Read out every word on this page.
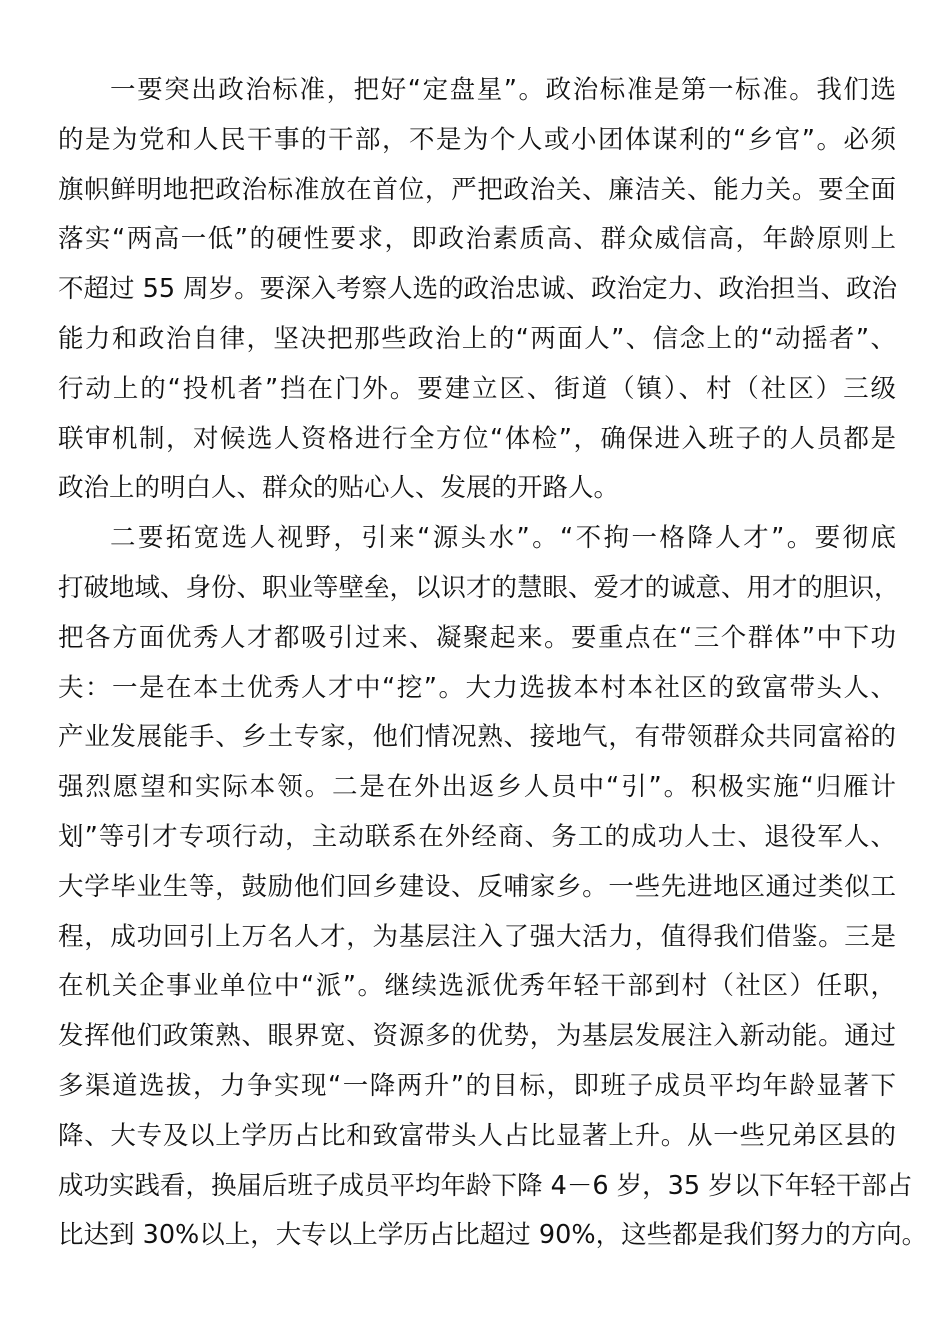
一要突出政治标准，把好“定盘星”。政治标准是第一标准。我们选
的是为党和人民干事的干部，不是为个人或小团体谋利的“乡官”。必须
旗帜鲜明地把政治标准放在首位，严把政治关、廉洁关、能力关。要全面
落实“两高一低”的硬性要求，即政治素质高、群众威信高，年龄原则上
不超过 55 周岁。要深入考察人选的政治忠诚、政治定力、政治担当、政治
能力和政治自律，坚决把那些政治上的“两面人”、信念上的“动摇者”、
行动上的“投机者”挡在门外。要建立区、街道（镇）、村（社区）三级
联审机制，对候选人资格进行全方位“体检”，确保进入班子的人员都是
政治上的明白人、群众的贴心人、发展的开路人。
二要拓宽选人视野，引来“源头水”。“不拘一格降人才”。要彻底
打破地域、身份、职业等壁垒，以识才的慧眼、爱才的诚意、用才的胆识，
把各方面优秀人才都吸引过来、凝聚起来。要重点在“三个群体”中下功
夫：一是在本土优秀人才中“挖”。大力选拔本村本社区的致富带头人、
产业发展能手、乡土专家，他们情况熟、接地气，有带领群众共同富裕的
强烈愿望和实际本领。二是在外出返乡人员中“引”。积极实施“归雁计
划”等引才专项行动，主动联系在外经商、务工的成功人士、退役军人、
大学毕业生等，鼓励他们回乡建设、反哺家乡。一些先进地区通过类似工
程，成功回引上万名人才，为基层注入了强大活力，值得我们借鉴。三是
在机关企事业单位中“派”。继续选派优秀年轻干部到村（社区）任职，
发挥他们政策熟、眼界宽、资源多的优势，为基层发展注入新动能。通过
多渠道选拔，力争实现“一降两升”的目标，即班子成员平均年龄显著下
降、大专及以上学历占比和致富带头人占比显著上升。从一些兄弟区县的
成功实践看，换届后班子成员平均年龄下降 4－6 岁，35 岁以下年轻干部占
比达到 30%以上，大专以上学历占比超过 90%，这些都是我们努力的方向。
